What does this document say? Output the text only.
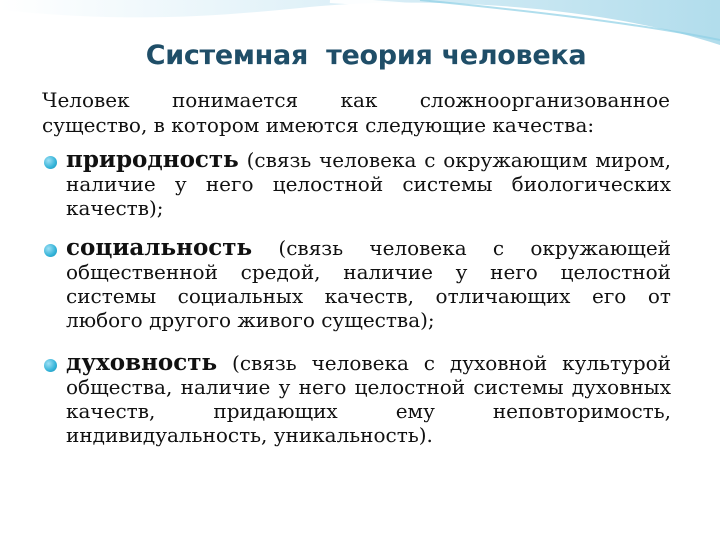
Системная  теория человека
Человек понимается как сложноорганизованное существо, в котором имеются следующие качества:
природность (связь человека с окружающим миром, наличие у него целостной системы биологических качеств);
социальность (связь человека с окружающей общественной средой, наличие у него целостной системы социальных качеств, отличающих его от любого другого живого существа);
духовность (связь человека с духовной культурой общества, наличие у него целостной системы духовных качеств, придающих ему неповторимость, индивидуальность, уникальность).
